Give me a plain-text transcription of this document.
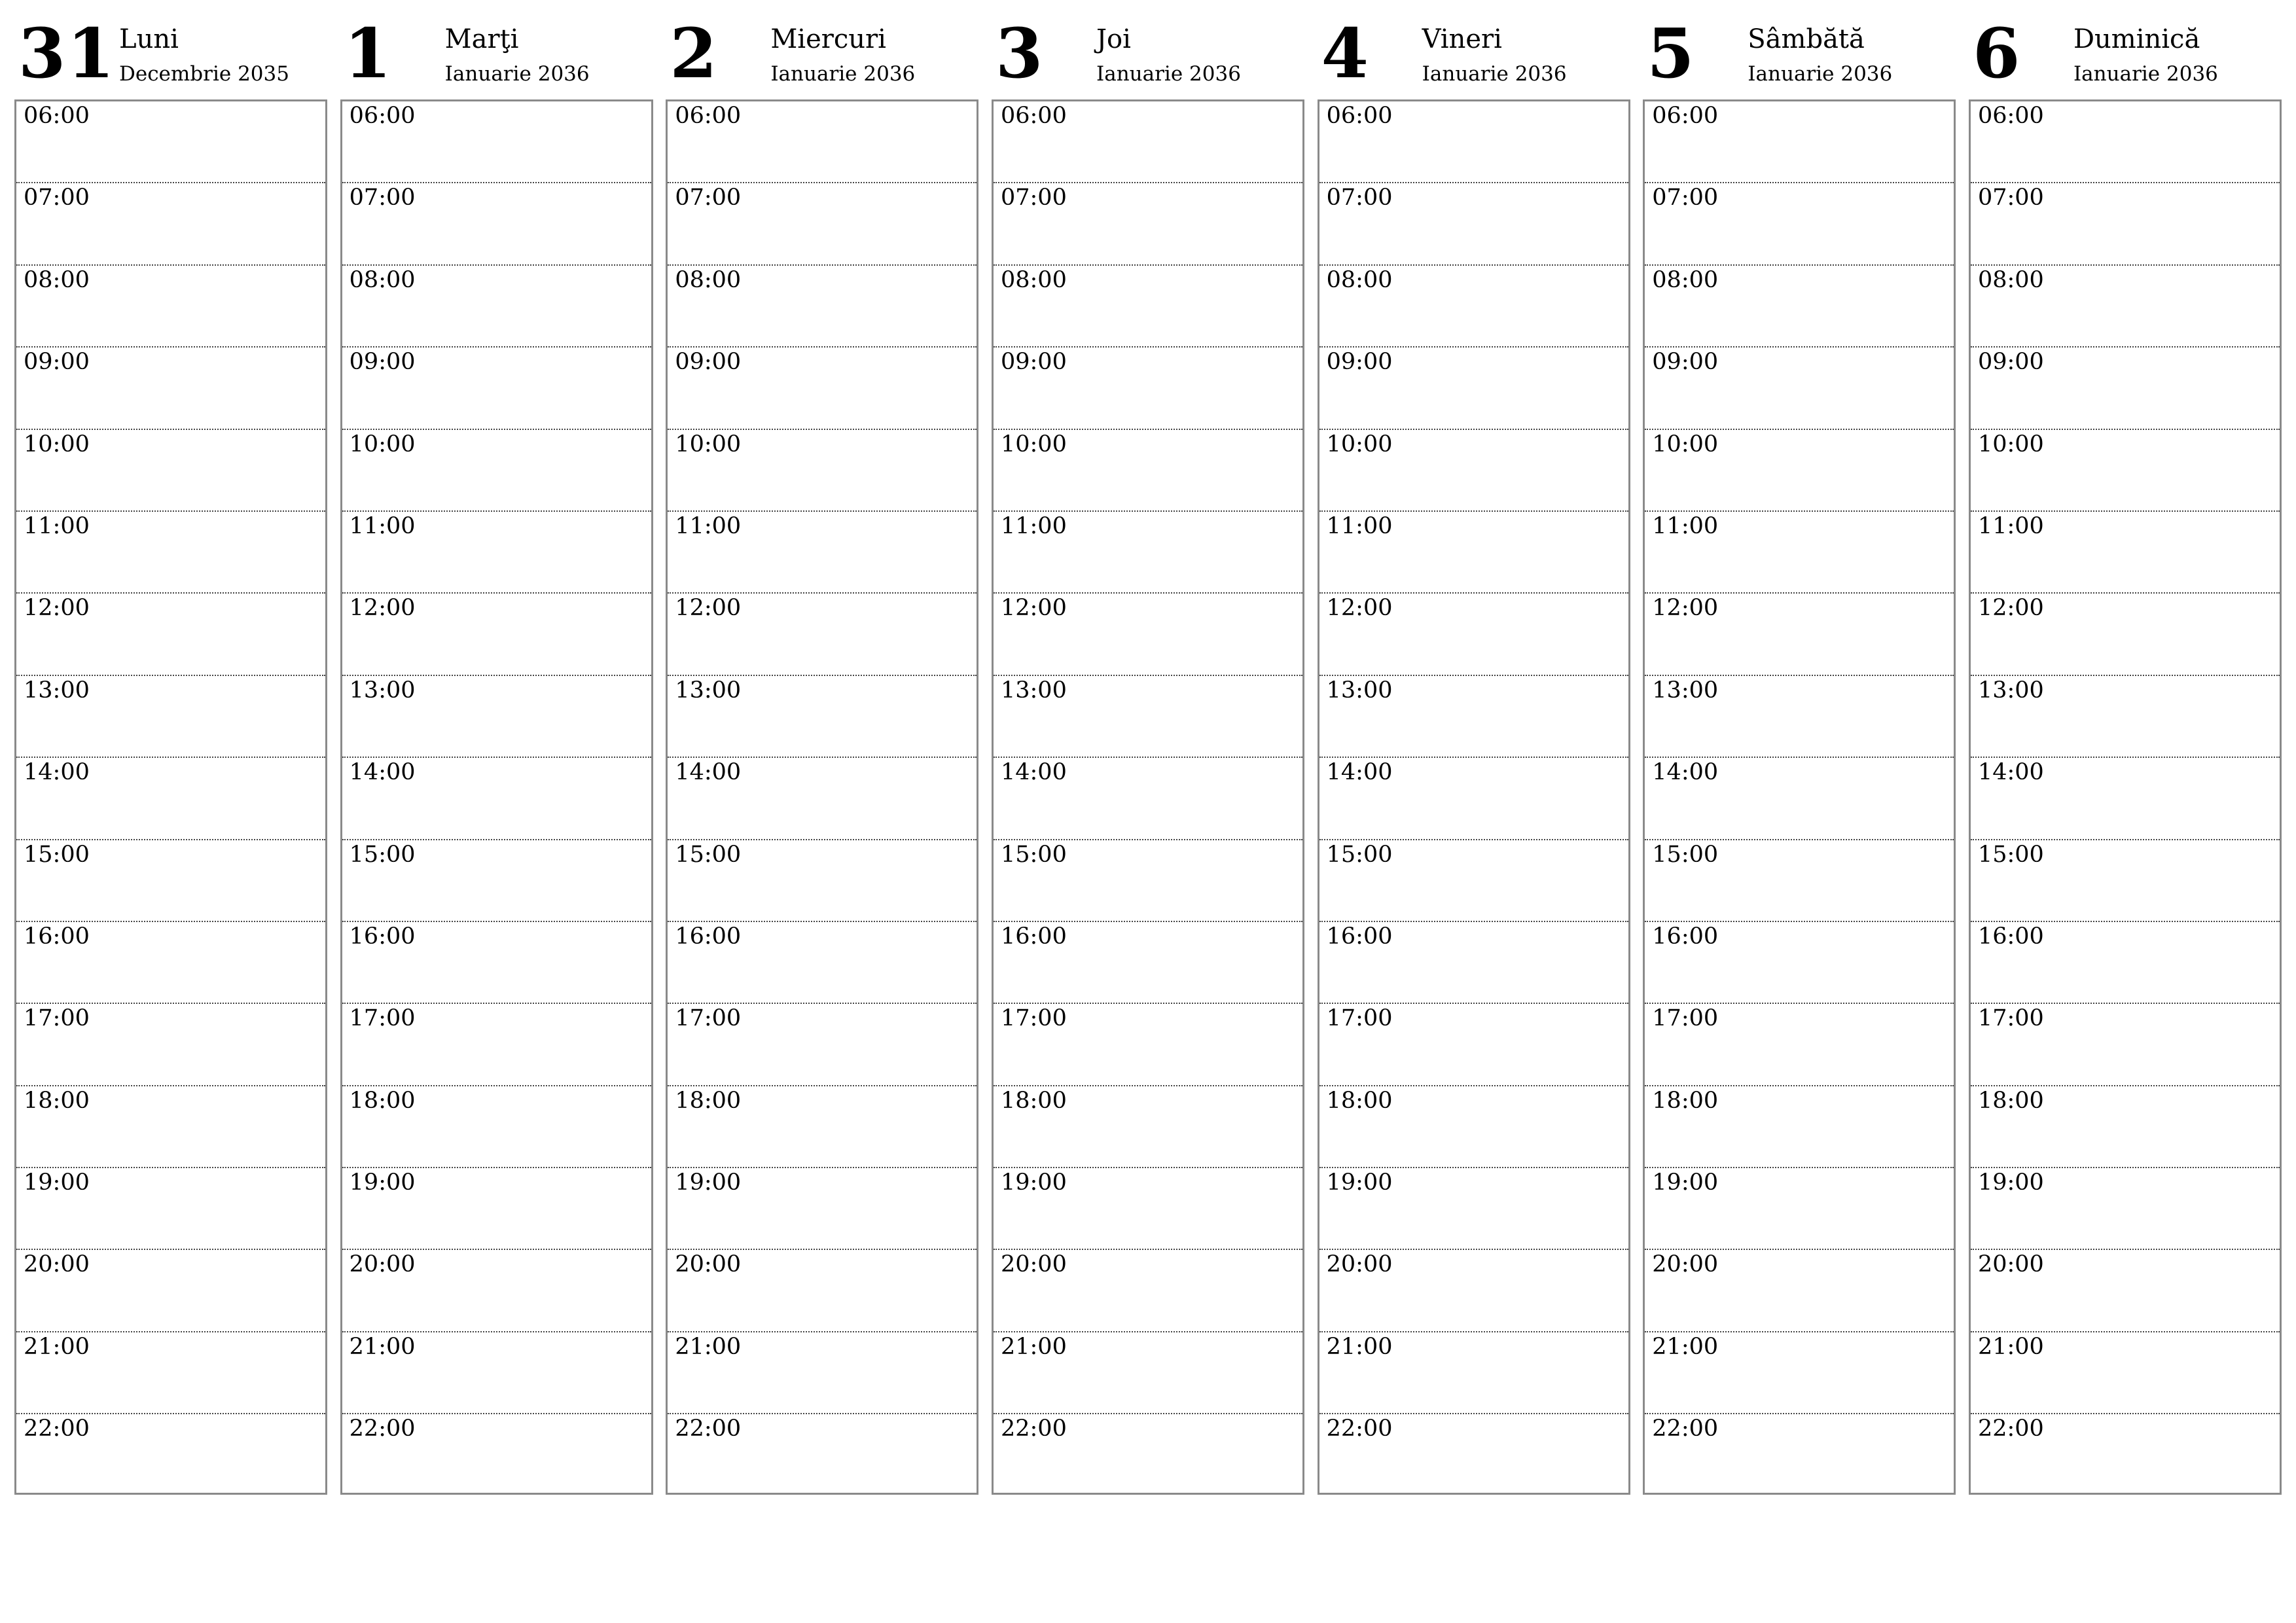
31 Luni
Decembrie 2035
06:00
07:00
08:00
09:00
10:00
11:00
12:00
13:00
14:00
15:00
16:00
17:00
18:00
19:00
20:00
21:00
22:00
1 Marţi
Ianuarie 2036
06:00
07:00
08:00
09:00
10:00
11:00
12:00
13:00
14:00
15:00
16:00
17:00
18:00
19:00
20:00
21:00
22:00
2 Miercuri
Ianuarie 2036
06:00
07:00
08:00
09:00
10:00
11:00
12:00
13:00
14:00
15:00
16:00
17:00
18:00
19:00
20:00
21:00
22:00
3 Joi
Ianuarie 2036
06:00
07:00
08:00
09:00
10:00
11:00
12:00
13:00
14:00
15:00
16:00
17:00
18:00
19:00
20:00
21:00
22:00
4 Vineri
Ianuarie 2036
06:00
07:00
08:00
09:00
10:00
11:00
12:00
13:00
14:00
15:00
16:00
17:00
18:00
19:00
20:00
21:00
22:00
5 Sâmbătă
Ianuarie 2036
06:00
07:00
08:00
09:00
10:00
11:00
12:00
13:00
14:00
15:00
16:00
17:00
18:00
19:00
20:00
21:00
22:00
6 Duminică
Ianuarie 2036
06:00
07:00
08:00
09:00
10:00
11:00
12:00
13:00
14:00
15:00
16:00
17:00
18:00
19:00
20:00
21:00
22:00
